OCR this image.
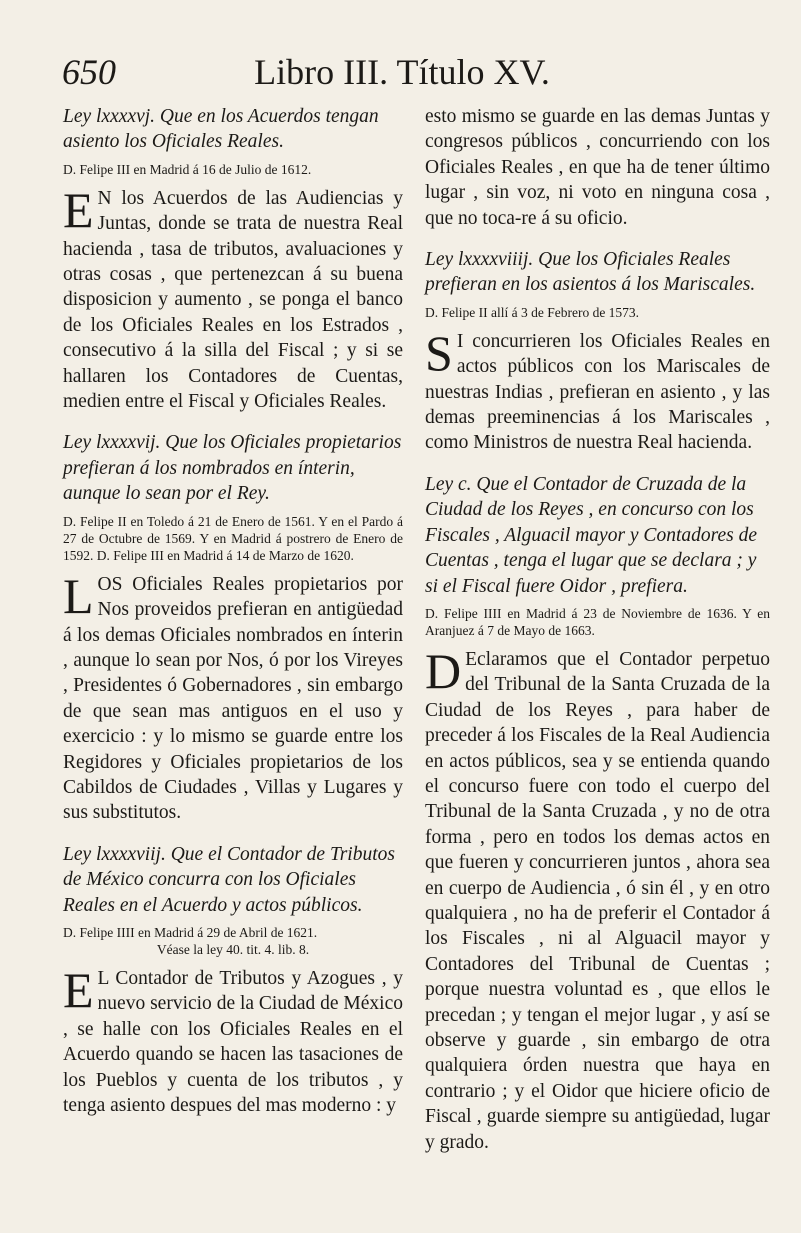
650	Libro III. Título XV.

Ley lxxxxvj. Que en los Acuerdos tengan asiento los Oficiales Reales.

D. Felipe III en Madrid á 16 de Julio de 1612.

E N los Acuerdos de las Audiencias y Juntas, donde se trata de nuestra Real hacienda , tasa de tributos, avaluaciones y otras cosas , que pertenezcan á su buena disposicion y aumento , se ponga el banco de los Oficiales Reales en los Estrados , consecutivo á la silla del Fiscal ; y si se hallaren los Contadores de Cuentas, medien entre el Fiscal y Oficiales Reales.

Ley lxxxxvij. Que los Oficiales propietarios prefieran á los nombrados en ínterin, aunque lo sean por el Rey.

D. Felipe II en Toledo á 21 de Enero de 1561. Y en el Pardo á 27 de Octubre de 1569. Y en Madrid á postrero de Enero de 1592. D. Felipe III en Madrid á 14 de Marzo de 1620.

LOS Oficiales Reales propietarios por Nos proveidos prefieran en antigüedad á los demas Oficiales nombrados en ínterin , aunque lo sean por Nos, ó por los Vireyes , Presidentes ó Gobernadores , sin embargo de que sean mas antiguos en el uso y exercicio : y lo mismo se guarde entre los Regidores y Oficiales propietarios de los Cabildos de Ciudades , Villas y Lugares y sus substitutos.

Ley lxxxxviij. Que el Contador de Tributos de México concurra con los Oficiales Reales en el Acuerdo y actos públicos.

D. Felipe IIII en Madrid á 29 de Abril de 1621.
Véase la ley 40. tit. 4. lib. 8.

E L Contador de Tributos y Azogues , y nuevo servicio de la Ciudad de México , se halle con los Oficiales Reales en el Acuerdo quando se hacen las tasaciones de los Pueblos y cuenta de los tributos , y tenga asiento despues del mas moderno : y

esto mismo se guarde en las demas Juntas y congresos públicos , concurriendo con los Oficiales Reales , en que ha de tener último lugar , sin voz, ni voto en ninguna cosa , que no toca-re á su oficio.

Ley lxxxxviiij. Que los Oficiales Reales prefieran en los asientos á los Mariscales.

D. Felipe II allí á 3 de Febrero de 1573.

S I concurrieren los Oficiales Reales en actos públicos con los Mariscales de nuestras Indias , prefieran en asiento , y las demas preeminencias á los Mariscales , como Ministros de nuestra Real hacienda.

Ley c. Que el Contador de Cruzada de la Ciudad de los Reyes , en concurso con los Fiscales , Alguacil mayor y Contadores de Cuentas , tenga el lugar que se declara ; y si el Fiscal fuere Oidor , prefiera.

D. Felipe IIII en Madrid á 23 de Noviembre de 1636. Y en Aranjuez á 7 de Mayo de 1663.

D Eclaramos que el Contador perpetuo del Tribunal de la Santa Cruzada de la Ciudad de los Reyes , para haber de preceder á los Fiscales de la Real Audiencia en actos públicos, sea y se entienda quando el concurso fuere con todo el cuerpo del Tribunal de la Santa Cruzada , y no de otra forma , pero en todos los demas actos en que fueren y concurrieren juntos , ahora sea en cuerpo de Audiencia , ó sin él , y en otro qualquiera , no ha de preferir el Contador á los Fiscales , ni al Alguacil mayor y Contadores del Tribunal de Cuentas ; porque nuestra voluntad es , que ellos le precedan ; y tengan el mejor lugar , y así se observe y guarde , sin embargo de otra qualquiera órden nuestra que haya en contrario ; y el Oidor que hiciere oficio de Fiscal , guarde siempre su antigüedad, lugar y grado.
